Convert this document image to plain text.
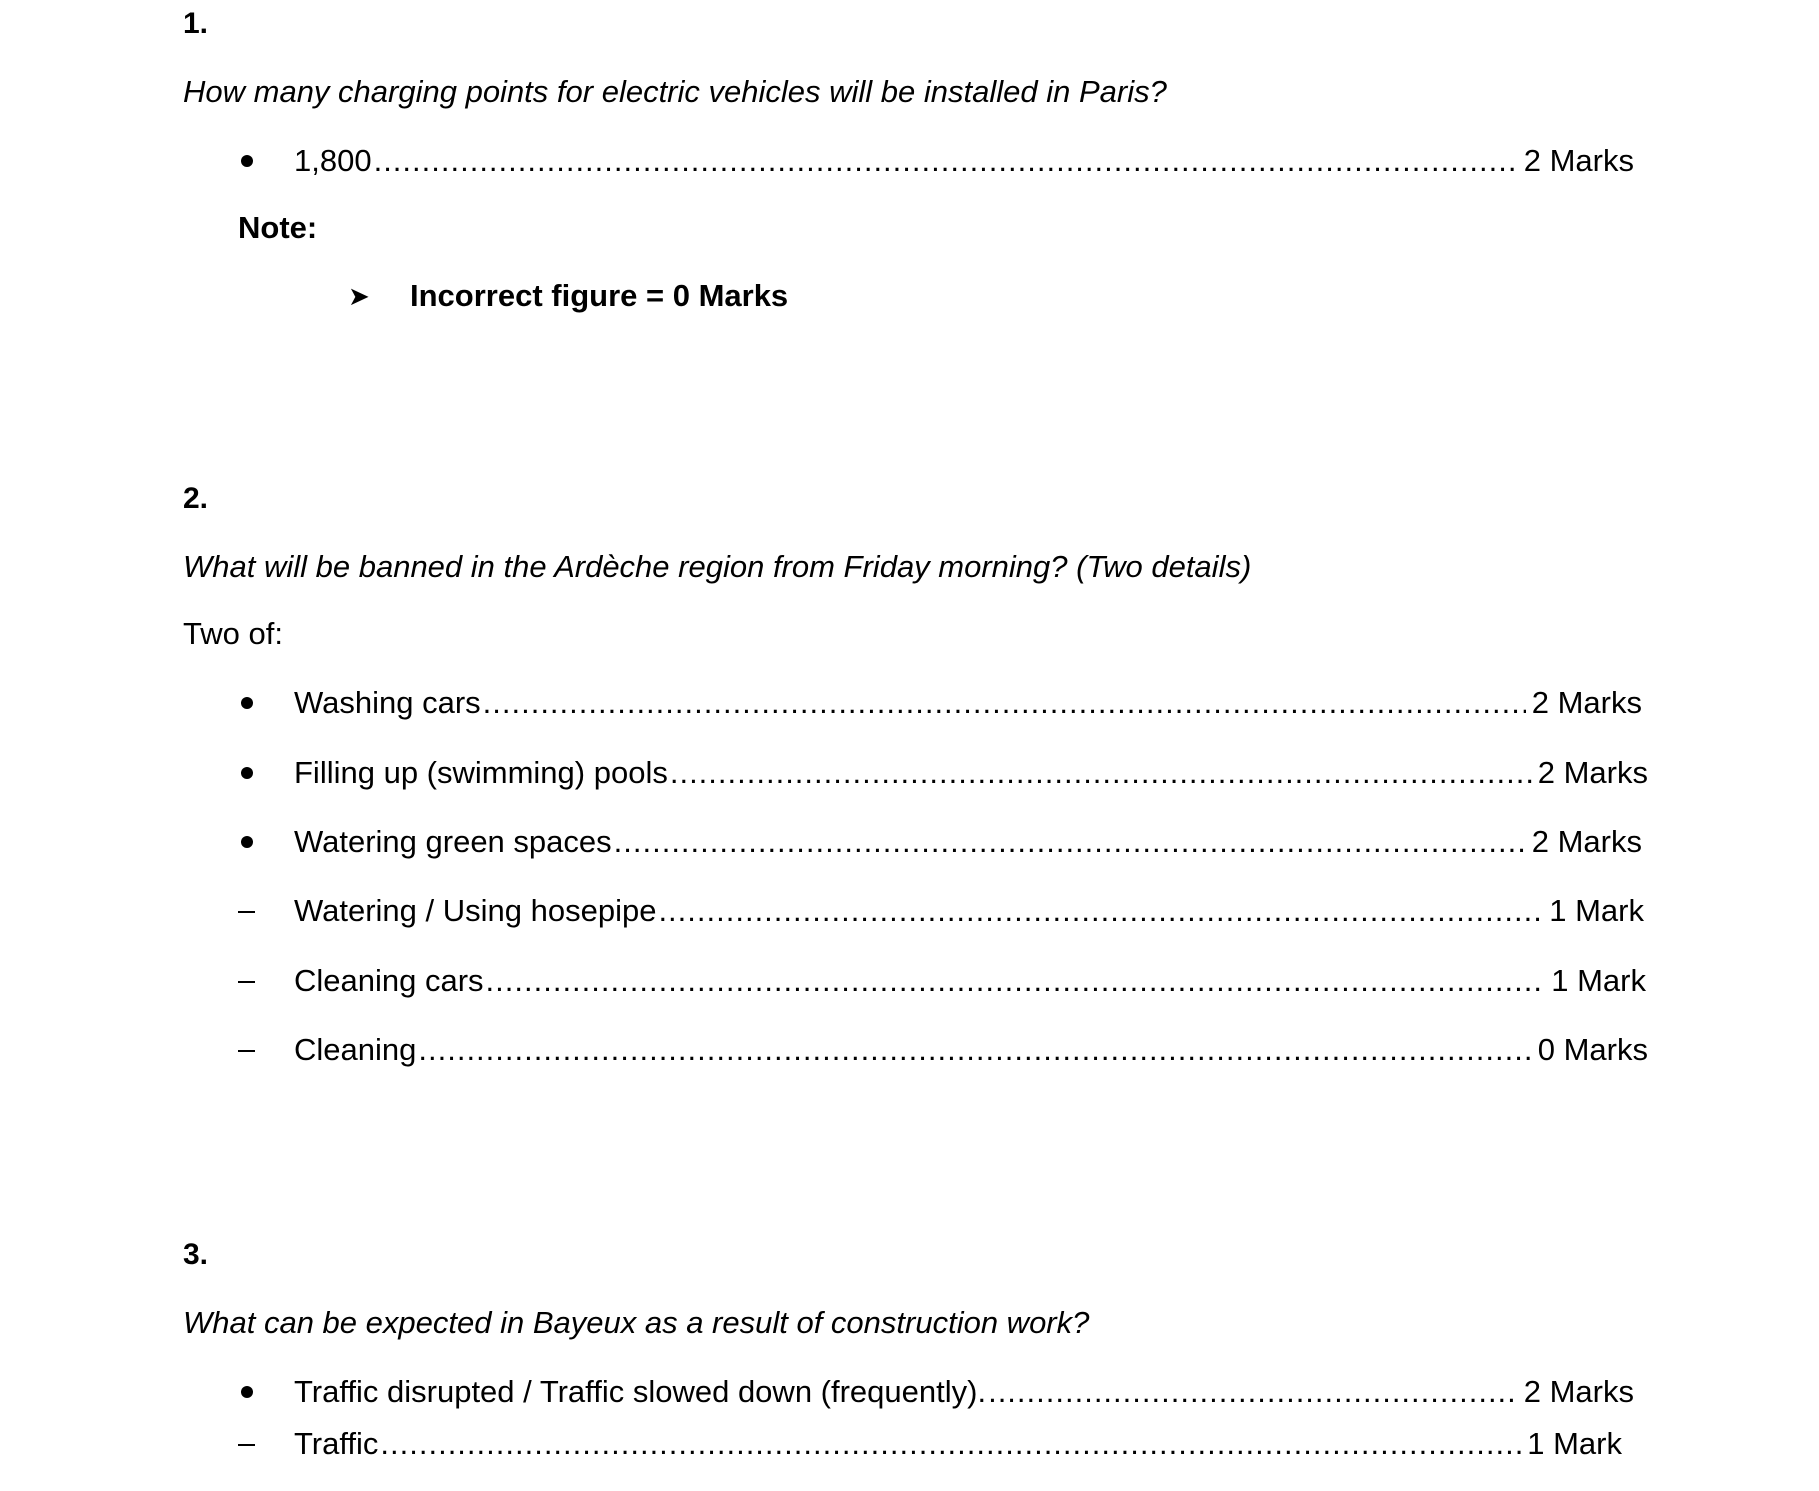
1.
How many charging points for electric vehicles will be installed in Paris?
1,800 .....	2 Marks
Note:
➤ Incorrect figure = 0 Marks
2.
What will be banned in the Ardèche region from Friday morning? (Two details)
Two of:
Washing cars .....	2 Marks
Filling up (swimming) pools .....	2 Marks
Watering green spaces .....	2 Marks
Watering / Using hosepipe .....	1 Mark
Cleaning cars .....	1 Mark
Cleaning .....	0 Marks
3.
What can be expected in Bayeux as a result of construction work?
Traffic disrupted / Traffic slowed down (frequently). .....	2 Marks
Traffic .....	1 Mark
